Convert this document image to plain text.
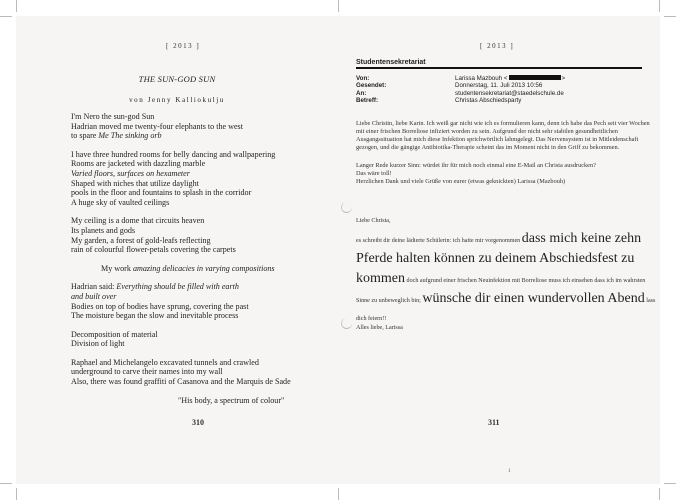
[ 2013 ]
THE SUN-GOD SUN
von Jenny Kalliokulju
I'm Nero the sun-god Sun
Hadrian moved me twenty-four elephants to the west
to spare Me The sinking orb
I have three hundred rooms for belly dancing and wallpapering
Rooms are jacketed with dazzling marble
Varied floors, surfaces on hexameter
Shaped with niches that utilize daylight
pools in the floor and fountains to splash in the corridor
A huge sky of vaulted ceilings
My ceiling is a dome that circuits heaven
Its planets and gods
My garden, a forest of gold-leafs reflecting
rain of colourful flower-petals covering the carpets
My work amazing delicacies in varying compositions
Hadrian said: Everything should be filled with earth
and built over
Bodies on top of bodies have sprung, covering the past
The moisture began the slow and inevitable process
Decomposition of material
Division of light
Raphael and Michelangelo excavated tunnels and crawled
underground to carve their names into my wall
Also, there was found graffiti of Casanova and the Marquis de Sade
"His body, a spectrum of colour"
310
[ 2013 ]
Studentensekretariat
Von:	Larissa Mazbouh <	>
Gesendet:	Donnerstag, 11. Juli 2013 10:56
An:	studentensekretariat@staedelschule.de
Betreff:	Christas Abschiedsparty
Liebe Christin, liebe Karin. Ich weiß gar nicht wie ich es formulieren kann, denn ich habe das Pech seit vier Wochen mit einer frischen Borreliose infiziert worden zu sein. Aufgrund der nicht sehr stabilen gesundheitlichen Ausgangssituation hat mich diese Infektion sprichwörtlich lahmgelegt. Das Nervensystem ist in Mitleidenschaft gezogen, und die gängige Antibiotika-Therapie scheint das im Moment nicht in den Griff zu bekommen.
Langer Rede kurzer Sinn: würdet ihr für mich noch einmal eine E-Mail an Christa ausdrucken?
Das wäre toll!
Herzlichen Dank und viele Grüße von eurer (etwas geknickten) Larissa (Mazbouh)
Liebe Christa,
es schreibt dir deine lädierte Schülerin: ich hatte mir vorgenommen dass mich keine zehn Pferde halten können zu deinem Abschiedsfest zu kommen doch aufgrund einer frischen Neuinfektion mit Borreliose muss ich einsehen dass ich im wahrsten Sinne zu unbeweglich bin; wünsche dir einen wundervollen Abend lass dich feiern!!
Alles liebe, Larissa
311
1
